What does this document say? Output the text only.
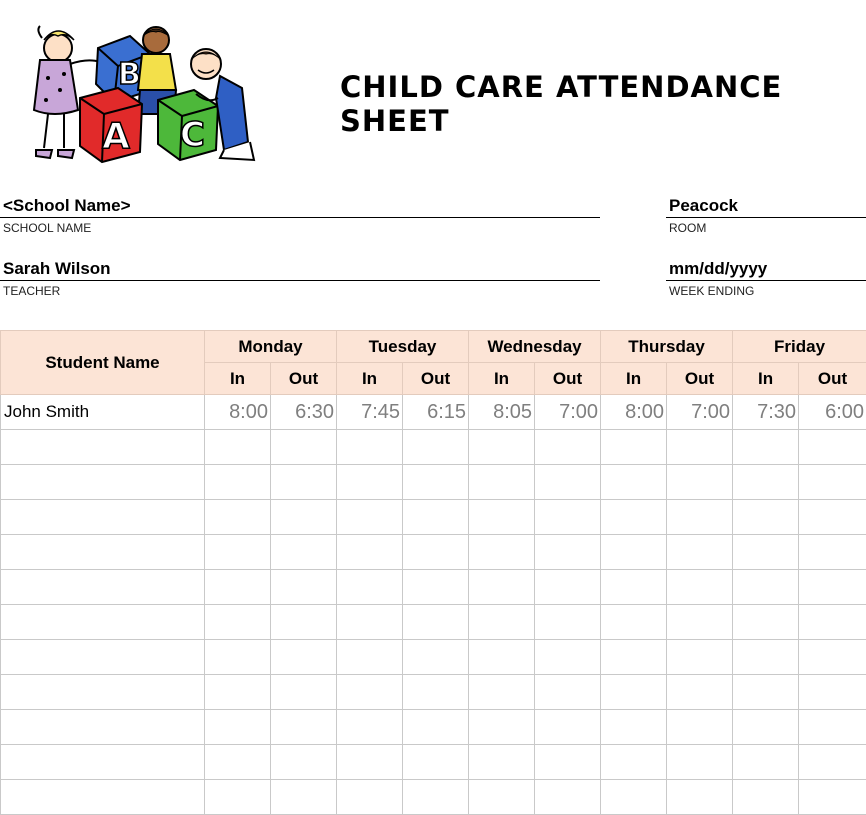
B
A C
CHILD CARE ATTENDANCE SHEET
<School Name>
SCHOOL NAME
Peacock
ROOM
Sarah Wilson
TEACHER
mm/dd/yyyy
WEEK ENDING
Student Name	Monday		Tuesday		Wednesday		Thursday		Friday	
	In	Out	In	Out	In	Out	In	Out	In	Out
John Smith	8:00	6:30	7:45	6:15	8:05	7:00	8:00	7:00	7:30	6:00
